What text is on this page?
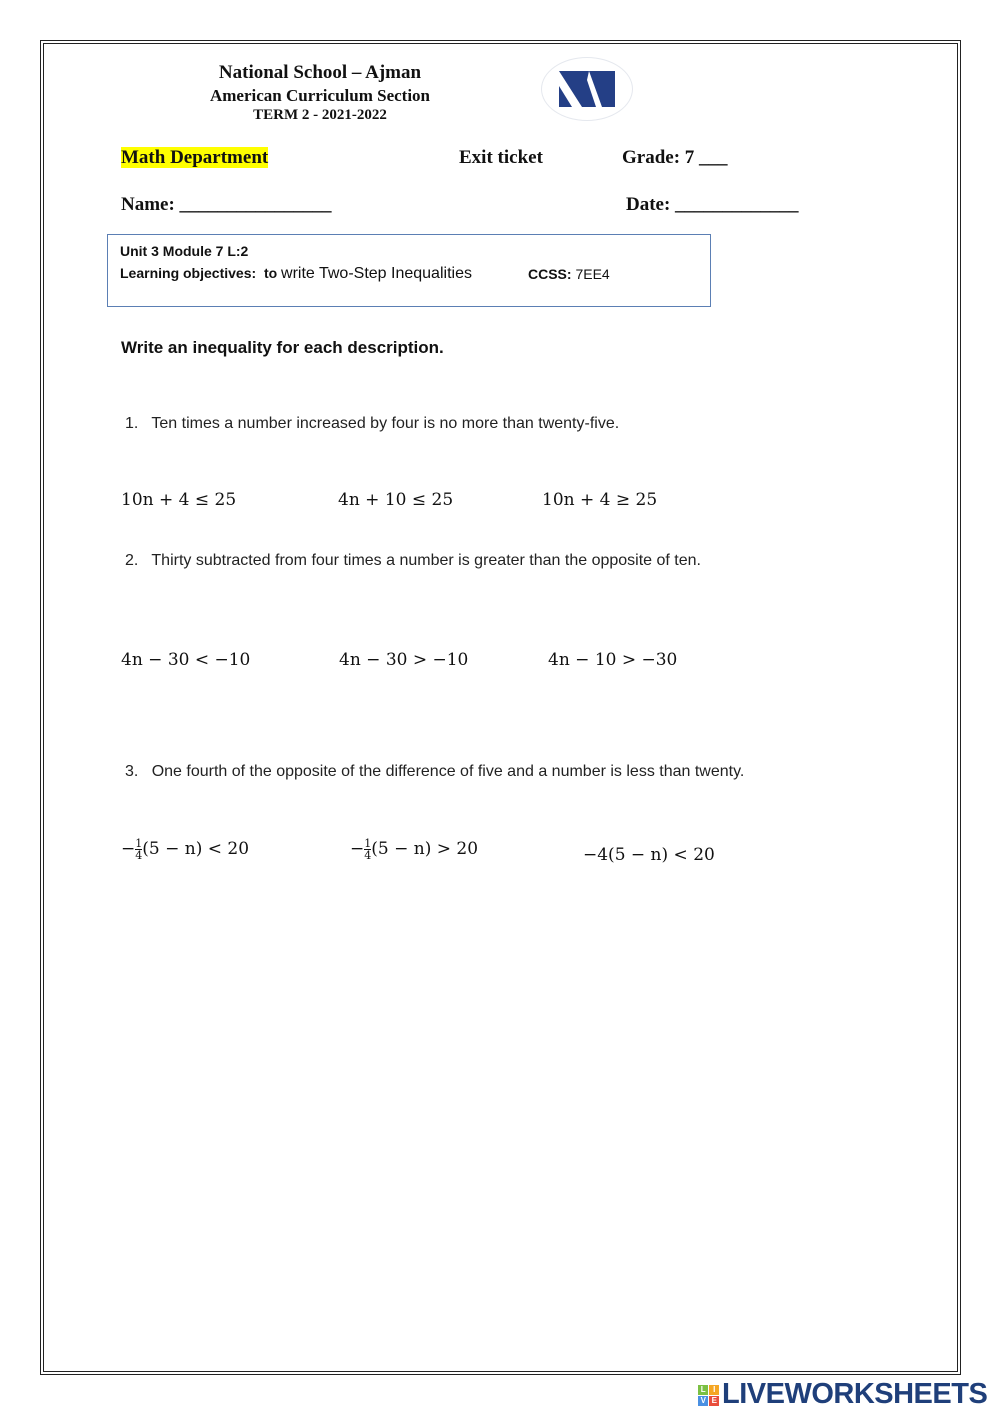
National School – Ajman
American Curriculum Section
TERM 2 - 2021-2022
NA
Math Department	Exit ticket	Grade: 7 ___
Name: ________________	Date: _____________
Unit 3 Module 7 L:2
Learning objectives: to write Two-Step Inequalities	CCSS: 7EE4
Write an inequality for each description.
1. Ten times a number increased by four is no more than twenty-five.
10n + 4 ≤ 25	4n + 10 ≤ 25	10n + 4 ≥ 25
2. Thirty subtracted from four times a number is greater than the opposite of ten.
4n − 30 < −10	4n − 30 > −10	4n − 10 > −30
3. One fourth of the opposite of the difference of five and a number is less than twenty.
− $\frac{1}{4} (5 - n) < 20$	− $\frac{1}{4} (5 - n) > 20$	−4(5 − n) < 20
L I
V E LIVEWORKSHEETS
